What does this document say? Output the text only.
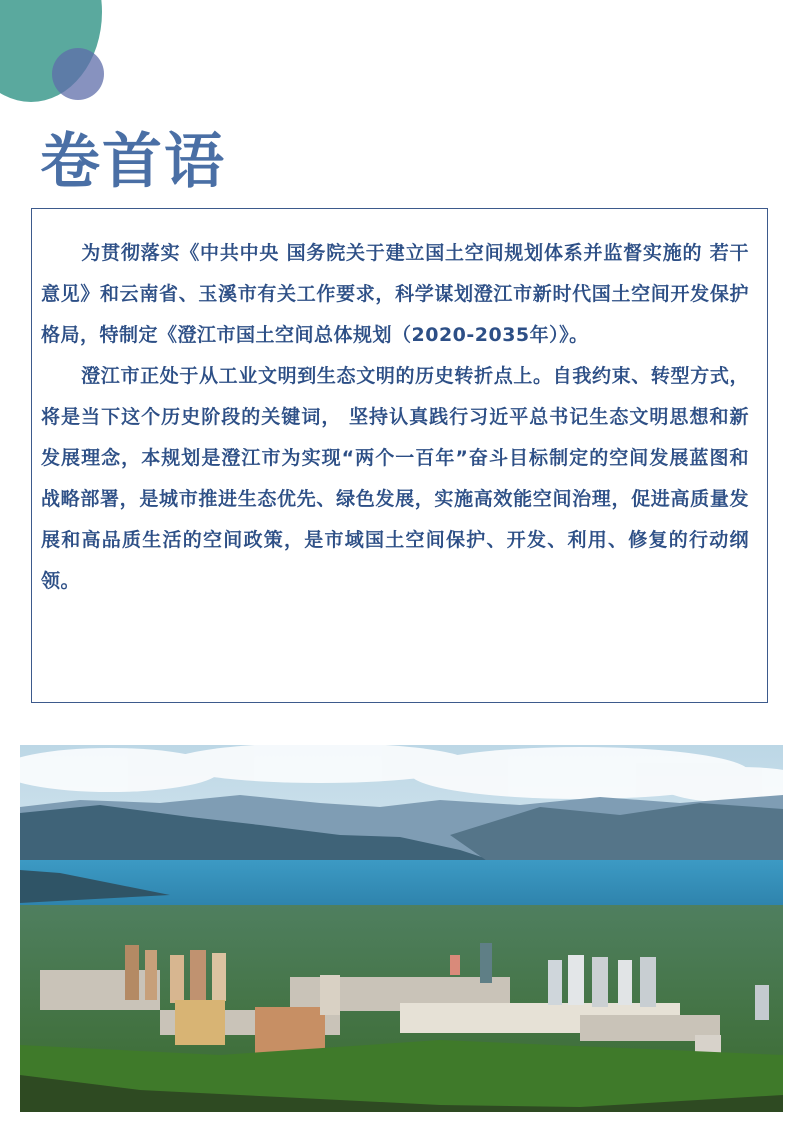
卷首语

为贯彻落实《中共中央 国务院关于建立国土空间规划体系并监督实施的 若干意见》和云南省、玉溪市有关工作要求，科学谋划澄江市新时代国土空间开发保护格局，特制定《澄江市国土空间总体规划（2020-2035年）》。

澄江市正处于从工业文明到生态文明的历史转折点上。自我约束、转型方式，将是当下这个历史阶段的关键词， 坚持认真践行习近平总书记生态文明思想和新发展理念，本规划是澄江市为实现“两个一百年”奋斗目标制定的空间发展蓝图和战略部署，是城市推进生态优先、绿色发展，实施高效能空间治理，促进高质量发展和高品质生活的空间政策，是市域国土空间保护、开发、利用、修复的行动纲领。
